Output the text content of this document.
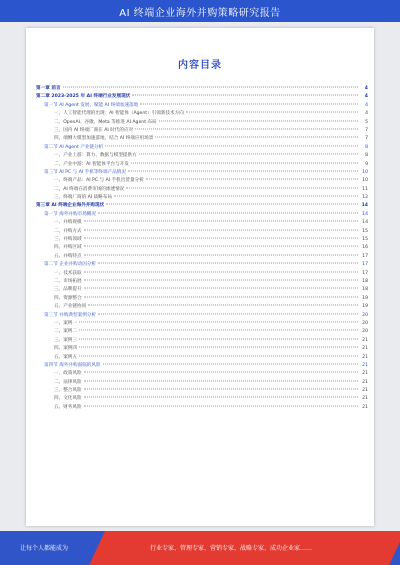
AI 终端企业海外并购策略研究报告
内容目录
第一章 前言	4
第二章 2023-2025 年 AI 终端行业发展现状	4
第一节 AI Agent 发展，赋能 AI 终端加速落地	4
一、人工智能代理的出现：AI 智能体（Agent）引领新技术方向	4
二、OpenAI、谷歌、Meta 等推进 AI Agent 布局	5
三、国内 AI 终端厂商在 AI 时代的应对	7
四、端侧大模型加速落地，结合 AI 终端应用场景	7
第二节 AI Agent 产业链分析	8
一、产业上游：算力、数据与模型提供方	8
二、产业中游：AI 智能体平台与开发	9
第三节 AI PC 与 AI 手机等终端产品情况	10
一、终端产品：AI PC 与 AI 手机出货量分析	10
二、AI 终端在消费市场的渗透情况	11
三、终端厂商的 AI 战略布局	12
第三章 AI 终端企业海外并购现状	14
第一节 海外并购市场概况	14
一、并购规模	14
二、并购方式	15
三、并购领域	15
四、并购区域	16
五、并购特点	17
第二节 企业并购动因分析	17
一、技术获取	17
二、市场拓展	18
三、品牌提升	18
四、资源整合	19
五、产业链协同	19
第三节 并购典型案例分析	20
一、案例一	20
二、案例二	20
三、案例三	21
四、案例四	21
五、案例五	21
第四节 海外并购面临的风险	21
一、政策风险	21
二、法律风险	21
三、整合风险	21
四、文化风险	21
五、财务风险	21
让每个人都能成为	行业专家、管理专家、营销专家、战略专家、成功企业家……
